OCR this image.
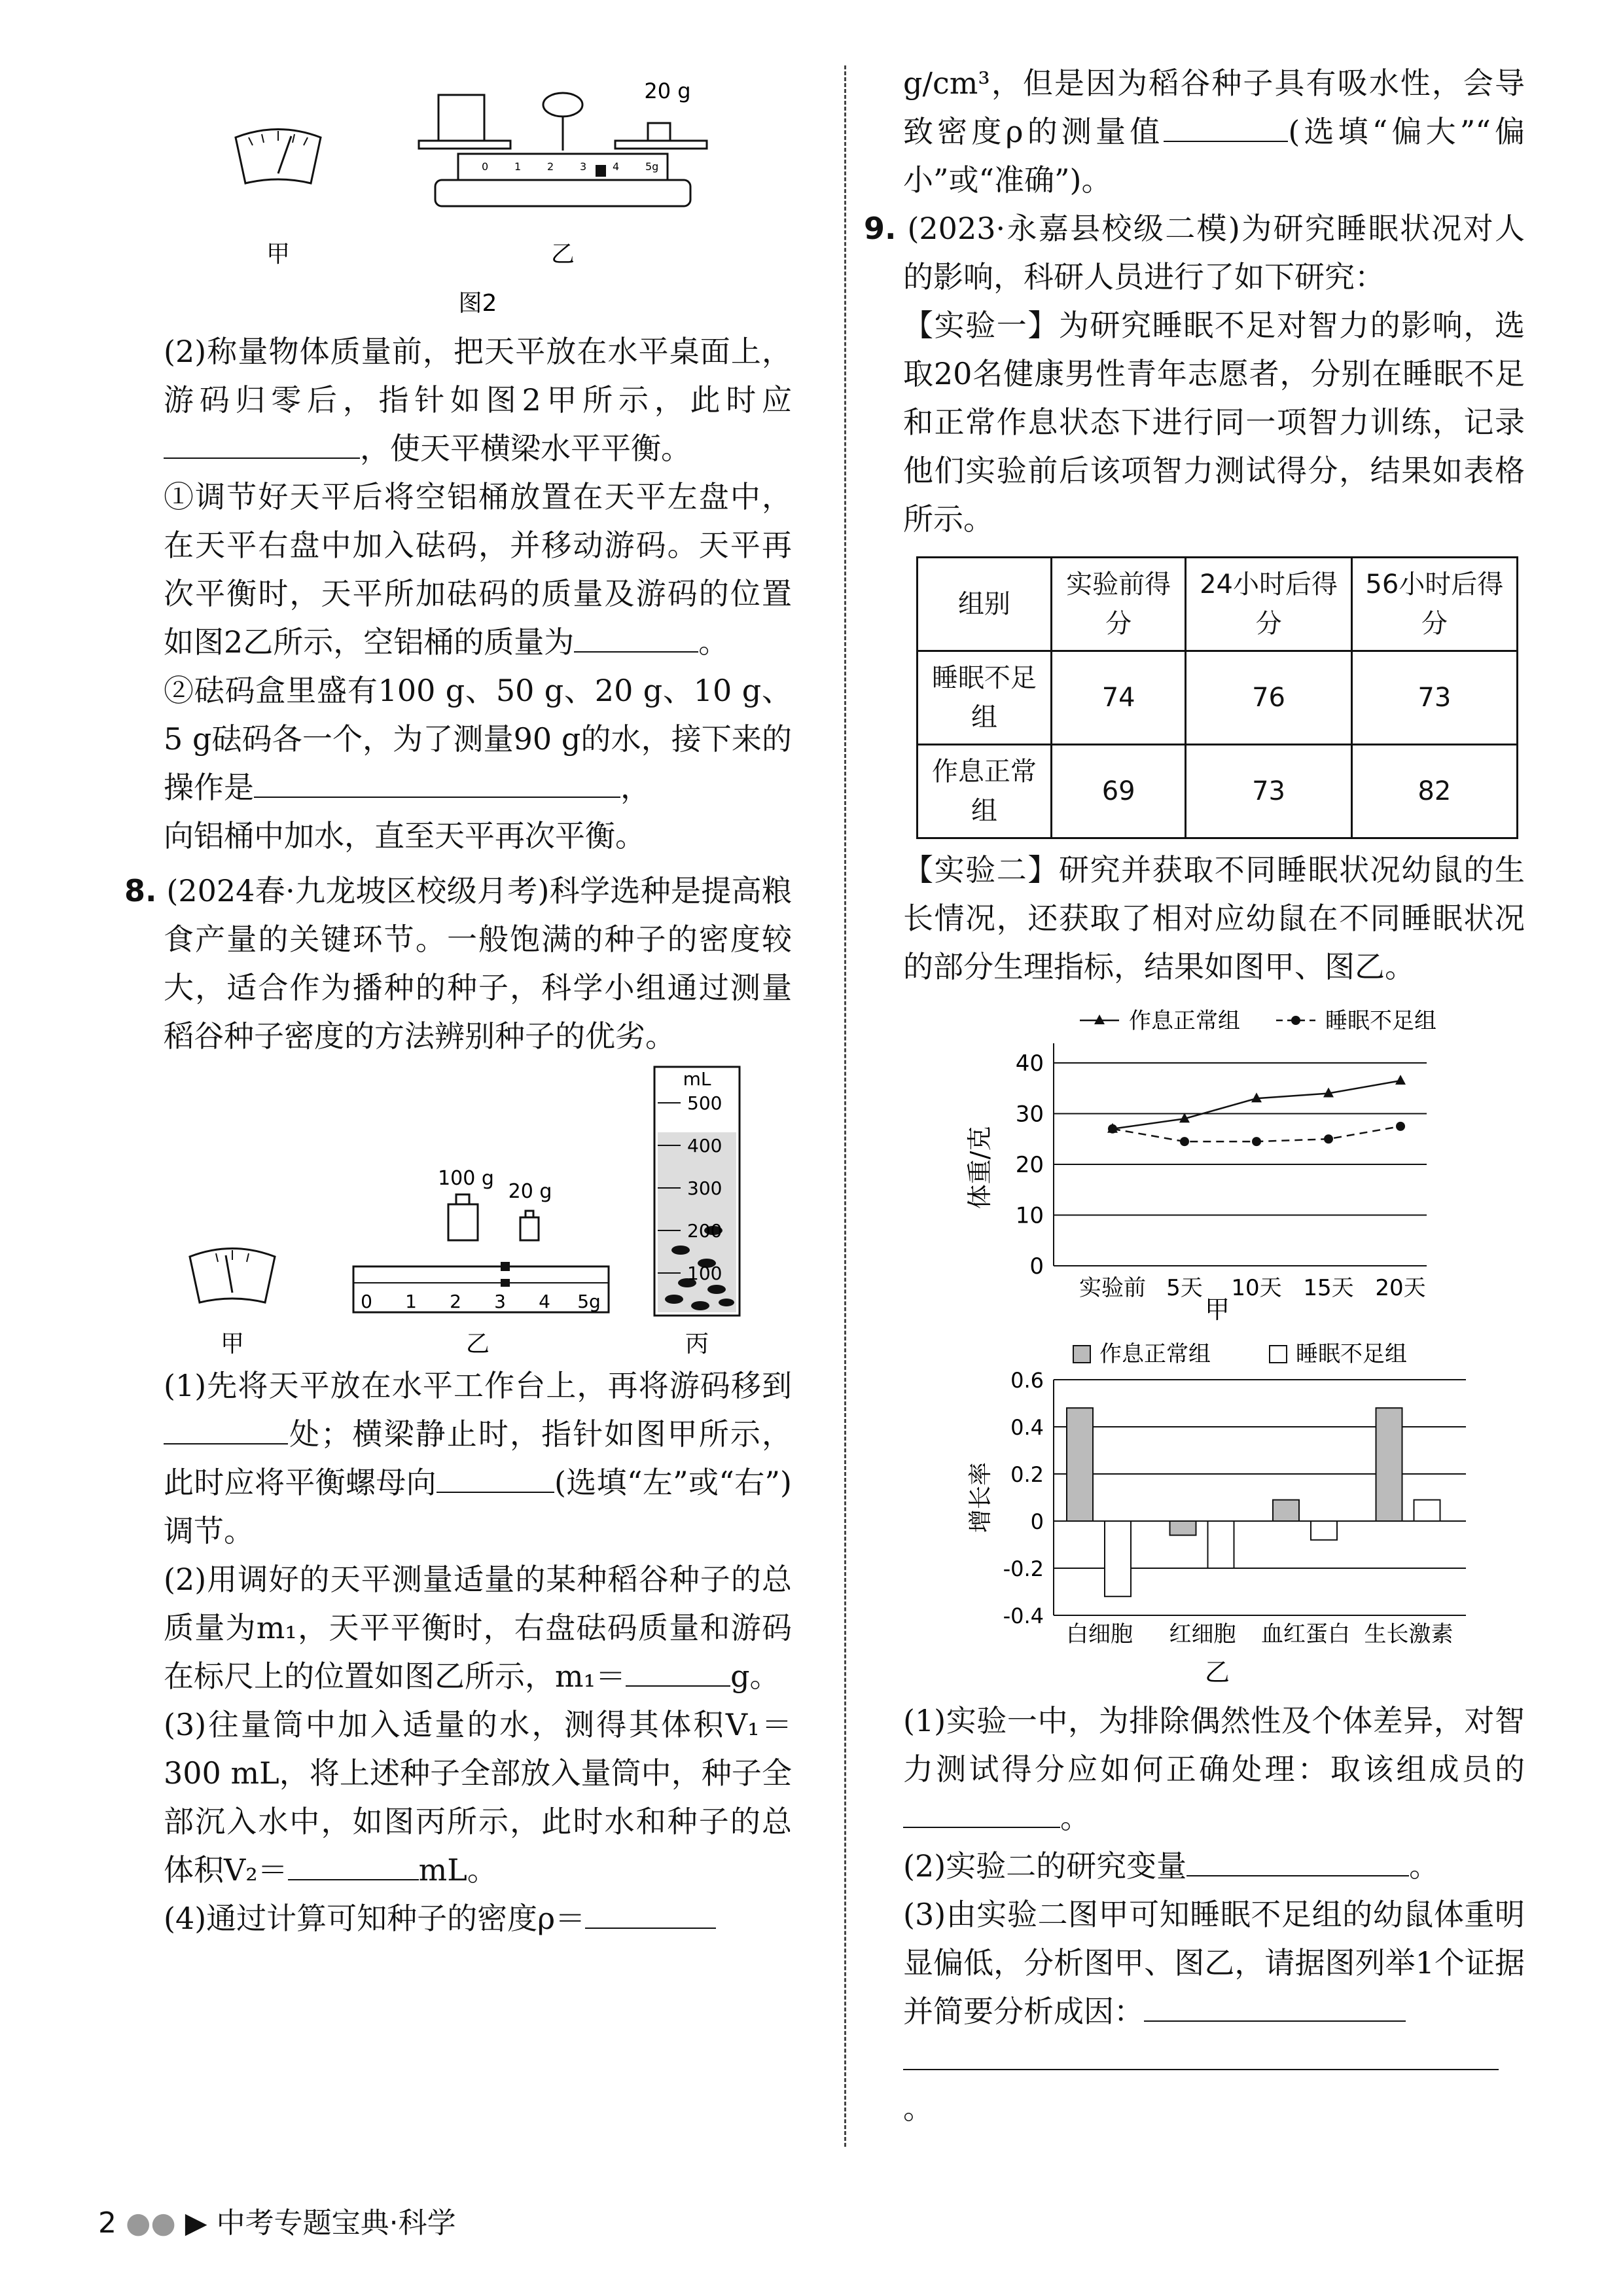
甲
20 g
0 1 2 3 4 5g
乙
图2

(2)称量物体质量前，把天平放在水平桌面上，游码归零后，指针如图2甲所示，此时应，使天平横梁水平平衡。

①调节好天平后将空铝桶放置在天平左盘中，在天平右盘中加入砝码，并移动游码。天平再次平衡时，天平所加砝码的质量及游码的位置如图2乙所示，空铝桶的质量为	。

②砝码盒里盛有100 g、50 g、20 g、10 g、5 g砝码各一个，为了测量90 g的水，接下来的操作是	，
向铝桶中加水，直至天平再次平衡。

8. (2024春·九龙坡区校级月考)科学选种是提高粮食产量的关键环节。一般饱满的种子的密度较大，适合作为播种的种子，科学小组通过测量稻谷种子密度的方法辨别种子的优劣。

甲
100 g
20 g
0 1 2 3 4 5g
乙
mL
500
400
300
200
100
丙

(1)先将天平放在水平工作台上，再将游码移到处；横梁静止时，指针如图甲所示，此时应将平衡螺母向	(选填“左”或“右”)调节。

(2)用调好的天平测量适量的某种稻谷种子的总质量为m₁，天平平衡时，右盘砝码质量和游码在标尺上的位置如图乙所示，m₁＝	g。

(3)往量筒中加入适量的水，测得其体积V₁＝300 mL，将上述种子全部放入量筒中，种子全部沉入水中，如图丙所示，此时水和种子的总体积V₂＝	mL。

(4)通过计算可知种子的密度ρ＝

g/cm³，但是因为稻谷种子具有吸水性，会导致密度ρ的测量值	(选填“偏大”“偏小”或“准确”)。

9. (2023·永嘉县校级二模)为研究睡眠状况对人的影响，科研人员进行了如下研究：

【实验一】为研究睡眠不足对智力的影响，选取20名健康男性青年志愿者，分别在睡眠不足和正常作息状态下进行同一项智力训练，记录他们实验前后该项智力测试得分，结果如表格所示。

组别	实验前得分	24小时后得分	56小时后得分
睡眠不足组	74	76	73
作息正常组	69	73	82

【实验二】研究并获取不同睡眠状况幼鼠的生长情况，还获取了相对应幼鼠在不同睡眠状况的部分生理指标，结果如图甲、图乙。

0
10
20
30
40
体重/克
实验前 5天 10天 15天 20天
作息正常组	睡眠不足组
甲

0.6
0.4
0.2
0
-0.2
-0.4
增长率
白细胞 红细胞 血红蛋白 生长激素
作息正常组	睡眠不足组
乙

(1)实验一中，为排除偶然性及个体差异，对智力测试得分应如何正确处理：取该组成员的。

(2)实验二的研究变量	。

(3)由实验二图甲可知睡眠不足组的幼鼠体重明显偏低，分析图甲、图乙，请据图列举1个证据并简要分析成因：
。

2 ●● ▶ 中考专题宝典·科学
